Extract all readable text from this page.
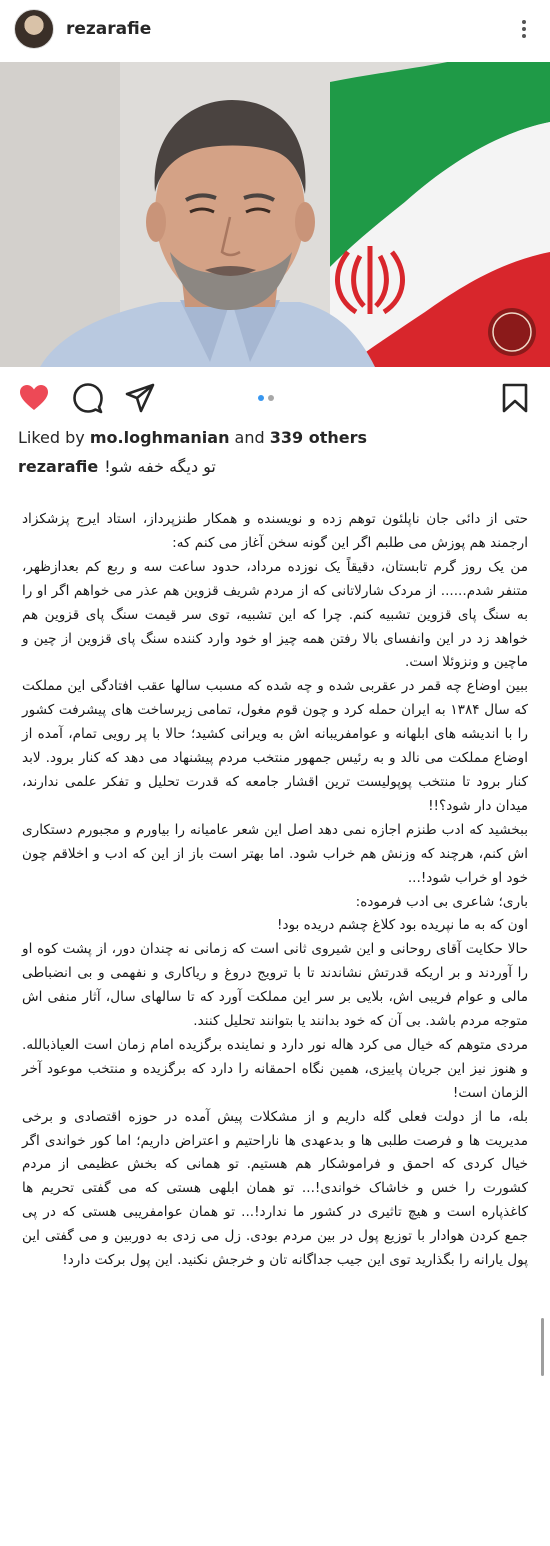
rezarafie
Liked by mo.loghmanian and 339 others
rezarafie تو دیگه خفه شو!

حتی از دائی جان ناپلئون توهم زده و نویسنده و همکار طنزپرداز، استاد ایرج پزشکزاد ارجمند هم پوزش می طلبم اگر این گونه سخن آغاز می کنم که:

من یک روز گرم تابستان، دقیقاً یک نوزده مرداد، حدود ساعت سه و ربع کم بعدازظهر، متنفر شدم...... از مردک شارلاتانی که از مردم شریف قزوین هم عذر می خواهم اگر او را به سنگ پای قزوین تشبیه کنم. چرا که این تشبیه، توی سر قیمت سنگ پای قزوین هم خواهد زد در این وانفسای بالا رفتن همه چیز او خود وارد کننده سنگ پای قزوین از چین و ماچین و ونزوئلا است.

ببین اوضاع چه قمر در عقربی شده و چه شده که مسبب سالها عقب افتادگی این مملکت که سال ۱۳۸۴ به ایران حمله کرد و چون قوم مغول، تمامی زیرساخت های پیشرفت کشور را با اندیشه های ابلهانه و عوامفریبانه اش به ویرانی کشید؛ حالا با پر رویی تمام، آمده از اوضاع مملکت می نالد و به رئیس جمهور منتخب مردم پیشنهاد می دهد که کنار برود. لابد کنار برود تا منتخب پوپولیست ترین اقشار جامعه که قدرت تحلیل و تفکر علمی ندارند، میدان دار شود؟!!

ببخشید که ادب طنزم اجازه نمی دهد اصل این شعر عامیانه را بیاورم و مجبورم دستکاری اش کنم، هرچند که وزنش هم خراب شود. اما بهتر است باز از این که ادب و اخلاقم چون خود او خراب شود!...

باری؛ شاعری بی ادب فرموده:

اون که به ما نپریده بود کلاغ چشم دریده بود!

حالا حکایت آقای روحانی و این شیروی ثانی است که زمانی نه چندان دور، از پشت کوه او را آوردند و بر اریکه قدرتش نشاندند تا با ترویج دروغ و ریاکاری و نفهمی و بی انضباطی مالی و عوام فریبی اش، بلایی بر سر این مملکت آورد که تا سالهای سال، آثار منفی اش متوجه مردم باشد. بی آن که خود بدانند یا بتوانند تحلیل کنند.

مردی متوهم که خیال می کرد هاله نور دارد و نماینده برگزیده امام زمان است العیاذبالله. و هنوز نیز این جریان پاییزی، همین نگاه احمقانه را دارد که برگزیده و منتخب موعود آخر الزمان است!

بله، ما از دولت فعلی گله داریم و از مشکلات پیش آمده در حوزه اقتصادی و برخی مدیریت ها و فرصت طلبی ها و بدعهدی ها ناراحتیم و اعتراض داریم؛ اما کور خواندی اگر خیال کردی که احمق و فراموشکار هم هستیم. تو همانی که بخش عظیمی از مردم کشورت را خس و خاشاک خواندی!... تو همان ابلهی هستی که می گفتی تحریم ها کاغذپاره است و هیچ تاثیری در کشور ما ندارد!... تو همان عوامفریبی هستی که در پی جمع کردن هوادار با توزیع پول در بین مردم بودی. زل می زدی به دوربین و می گفتی این پول یارانه را بگذارید توی این جیب جداگانه تان و خرجش نکنید. این پول برکت دارد!
